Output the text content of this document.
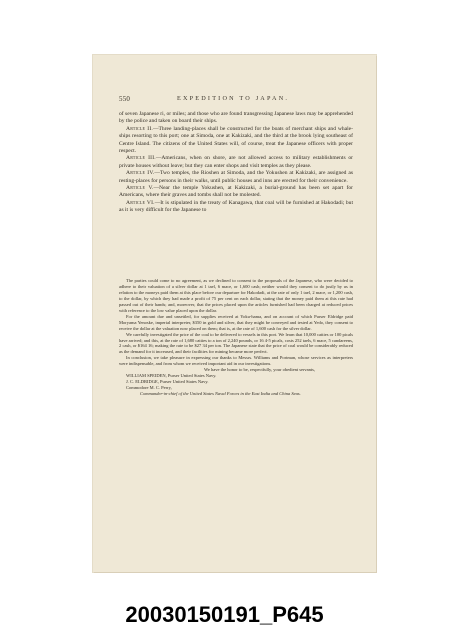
550	EXPEDITION TO JAPAN.

of seven Japanese ri, or miles; and those who are found transgressing Japanese laws may be apprehended by the police and taken on board their ships.

Article II.—Three landing-places shall be constructed for the boats of merchant ships and whale-ships resorting to this port; one at Simoda, one at Kakizaki, and the third at the brook lying southeast of Centre Island. The citizens of the United States will, of course, treat the Japanese officers with proper respect.

Article III.—Americans, when on shore, are not allowed access to military establishments or private houses without leave; but they can enter shops and visit temples as they please.

Article IV.—Two temples, the Rioshen at Simoda, and the Yokushen at Kakizaki, are assigned as resting-places for persons in their walks, until public houses and inns are erected for their convenience.

Article V.—Near the temple Yokushen, at Kakizaki, a burial-ground has been set apart for Americans, where their graves and tombs shall not be molested.

Article VI.—It is stipulated in the treaty of Kanagawa, that coal will be furnished at Hakodadi; but as it is very difficult for the Japanese to

The parties could come to no agreement, as we declined to consent to the proposals of the Japanese, who were decided to adhere to their valuation of a silver dollar at 1 tael, 6 mace, or 1,600 cash; neither would they consent to do justly by us in relation to the moneys paid them at this place before our departure for Hakodadi, at the rate of only 1 tael, 2 mace, or 1,200 cash, to the dollar, by which they had made a profit of 75 per cent on each dollar, stating that the money paid them at this rate had passed out of their hands; and, moreover, that the prices placed upon the articles furnished had been charged at reduced prices with reference to the low value placed upon the dollar.

For the amount due and unsettled, for supplies received at Yoku-hama, and on account of which Purser Eldridge paid Moryama Yenoske, imperial interpreter, $350 in gold and silver, that they might be conveyed and tested at Yedo, they consent to receive the dollar at the valuation now placed on them; that is, at the rate of 1,600 cash for the silver dollar.

We carefully investigated the price of the coal to be delivered to vessels in this port. We learn that 10,000 catties or 100 picals have arrived; and this, at the rate of 1,680 catties to a ton of 2,240 pounds, or 16 4-5 picals, costs 252 taels, 6 mace, 5 candareens, 2 cash, or $164 16; making the rate to be $27 34 per ton. The Japanese state that the price of coal would be considerably reduced as the demand for it increased, and their facilities for mining became more perfect.

In conclusion, we take pleasure in expressing our thanks to Messrs. Williams and Portman, whose services as interpreters were indispensable, and from whom we received important aid in our investigations.

We have the honor to be, respectfully, your obedient servants,

WILLIAM SPEIDEN, Purser United States Navy.

J. C. ELDRIDGE, Purser United States Navy.

Commodore M. C. Perry,

Commander-in-chief of the United States Naval Forces in the East India and China Seas.

20030150191_P645
